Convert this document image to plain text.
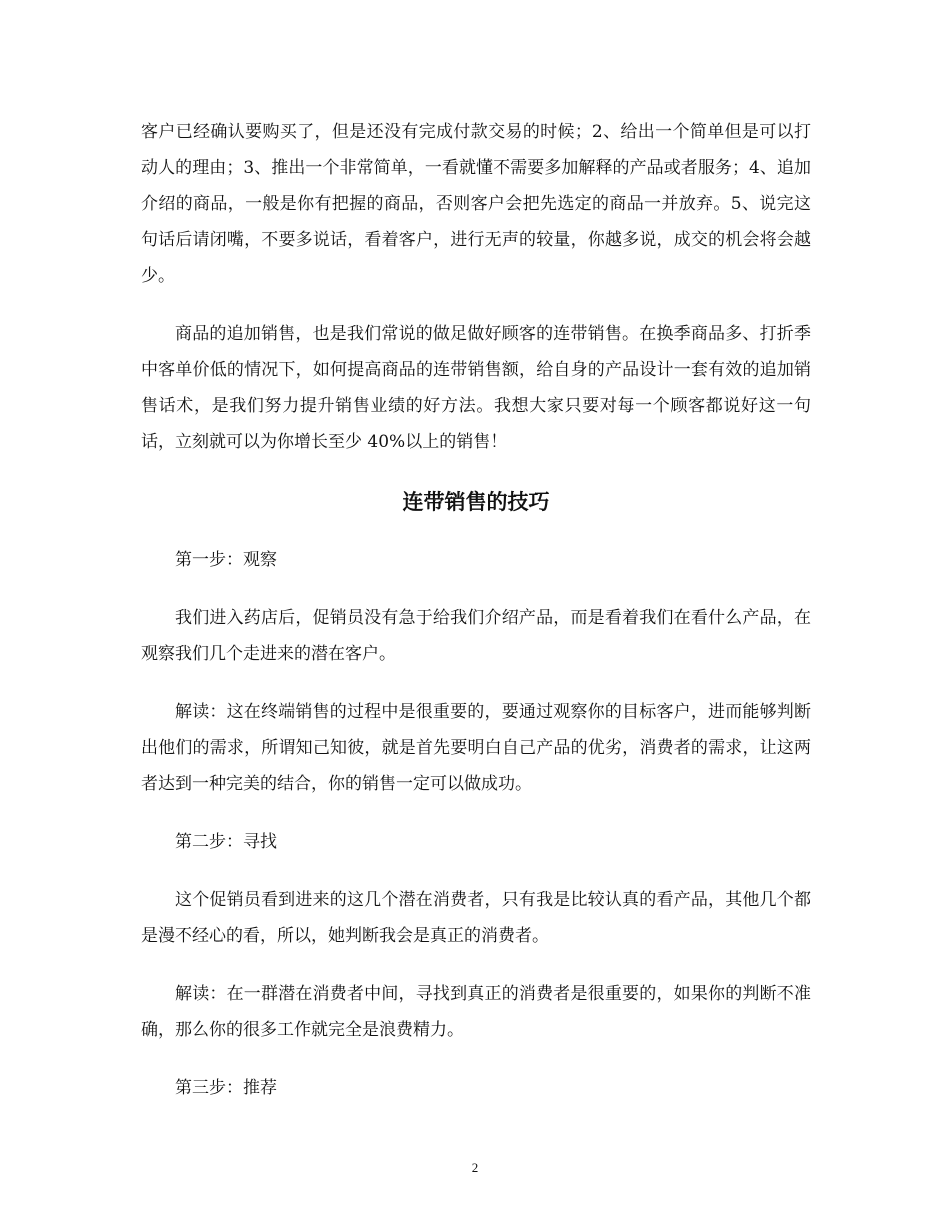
客户已经确认要购买了，但是还没有完成付款交易的时候；2、给出一个简单但是可以打动人的理由；3、推出一个非常简单，一看就懂不需要多加解释的产品或者服务；4、追加介绍的商品，一般是你有把握的商品，否则客户会把先选定的商品一并放弃。5、说完这句话后请闭嘴，不要多说话，看着客户，进行无声的较量，你越多说，成交的机会将会越少。

商品的追加销售，也是我们常说的做足做好顾客的连带销售。在换季商品多、打折季中客单价低的情况下，如何提高商品的连带销售额，给自身的产品设计一套有效的追加销售话术，是我们努力提升销售业绩的好方法。我想大家只要对每一个顾客都说好这一句话，立刻就可以为你增长至少 40%以上的销售！

连带销售的技巧

第一步：观察

我们进入药店后，促销员没有急于给我们介绍产品，而是看着我们在看什么产品，在观察我们几个走进来的潜在客户。

解读：这在终端销售的过程中是很重要的，要通过观察你的目标客户，进而能够判断出他们的需求，所谓知己知彼，就是首先要明白自己产品的优劣，消费者的需求，让这两者达到一种完美的结合，你的销售一定可以做成功。

第二步：寻找

这个促销员看到进来的这几个潜在消费者，只有我是比较认真的看产品，其他几个都是漫不经心的看，所以，她判断我会是真正的消费者。

解读：在一群潜在消费者中间，寻找到真正的消费者是很重要的，如果你的判断不准确，那么你的很多工作就完全是浪费精力。

第三步：推荐

2
